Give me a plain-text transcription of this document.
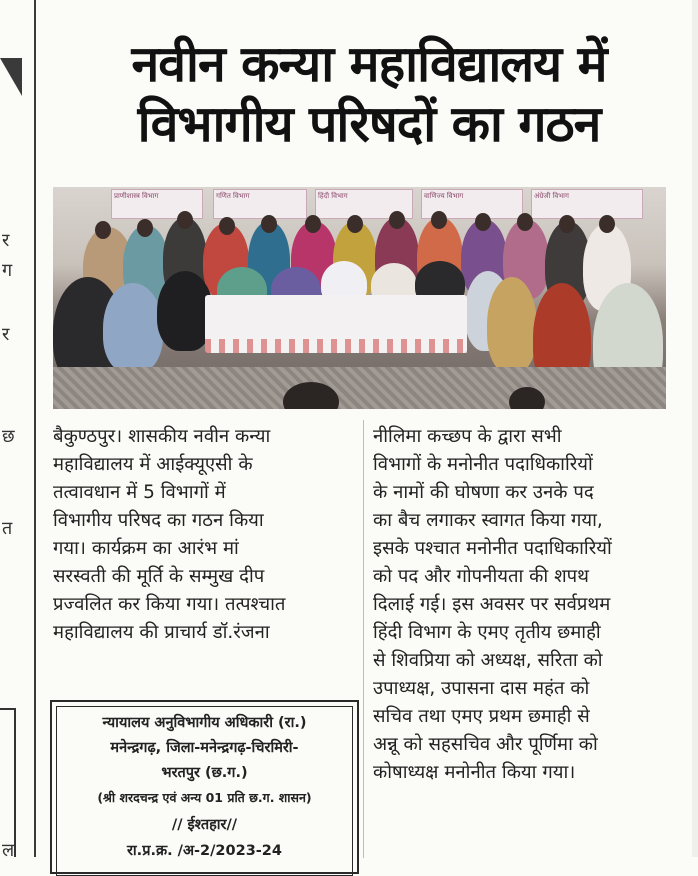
र
ग
र
छ
त
ल
नवीन कन्या महाविद्यालय में
विभागीय परिषदों का गठन
प्राणीशास्त्र विभाग	गणित विभाग	हिंदी विभाग	वाणिज्य विभाग	अंग्रेजी विभाग
बैकुण्ठपुर। शासकीय नवीन कन्या
महाविद्यालय में आईक्यूएसी के
तत्वावधान में 5 विभागों में
विभागीय परिषद का गठन किया
गया। कार्यक्रम का आरंभ मां
सरस्वती की मूर्ति के सम्मुख दीप
प्रज्वलित कर किया गया। तत्पश्चात
महाविद्यालय की प्राचार्य डॉ.रंजना
नीलिमा कच्छप के द्वारा सभी
विभागों के मनोनीत पदाधिकारियों
के नामों की घोषणा कर उनके पद
का बैच लगाकर स्वागत किया गया,
इसके पश्चात मनोनीत पदाधिकारियों
को पद और गोपनीयता की शपथ
दिलाई गई। इस अवसर पर सर्वप्रथम
हिंदी विभाग के एमए तृतीय छमाही
से शिवप्रिया को अध्यक्ष, सरिता को
उपाध्यक्ष, उपासना दास महंत को
सचिव तथा एमए प्रथम छमाही से
अन्नू को सहसचिव और पूर्णिमा को
कोषाध्यक्ष मनोनीत किया गया।
न्यायालय अनुविभागीय अधिकारी (रा.)
मनेन्द्रगढ़, जिला-मनेन्द्रगढ़-चिरमिरी-
भरतपुर (छ.ग.)
(श्री शरदचन्द्र एवं अन्य 01 प्रति छ.ग. शासन)
// ईश्तहार//
रा.प्र.क्र. /अ-2/2023-24
